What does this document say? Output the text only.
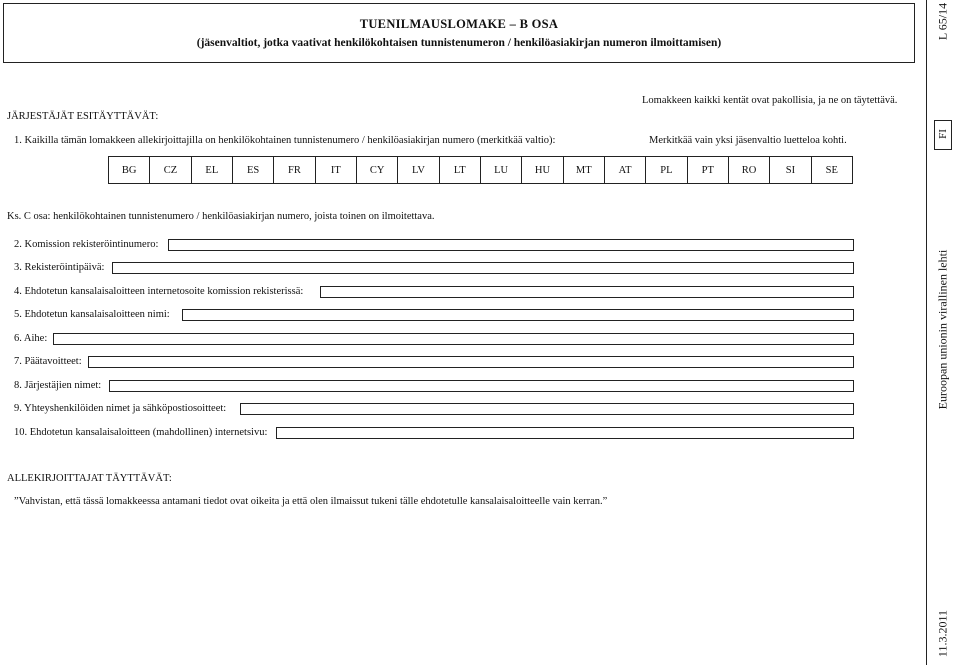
TUENILMAUSLOMAKE – B OSA
(jäsenvaltiot, jotka vaativat henkilökohtaisen tunnistenumeron / henkilöasiakirjan numeron ilmoittamisen)
L 65/14
FI
Euroopan unionin virallinen lehti
11.3.2011
Lomakkeen kaikki kentät ovat pakollisia, ja ne on täytettävä.
Merkitkää vain yksi jäsenvaltio luetteloa kohti.
JÄRJESTÄJÄT ESITÄYTTÄVÄT:
1. Kaikilla tämän lomakkeen allekirjoittajilla on henkilökohtainen tunnistenumero / henkilöasiakirjan numero (merkitkää valtio):
BG	CZ	EL	ES	FR	IT	CY	LV	LT	LU	HU	MT	AT	PL	PT	RO	SI	SE
Ks. C osa: henkilökohtainen tunnistenumero / henkilöasiakirjan numero, joista toinen on ilmoitettava.
2. Komission rekisteröintinumero:
3. Rekisteröintipäivä:
4. Ehdotetun kansalaisaloitteen internetosoite komission rekisterissä:
5. Ehdotetun kansalaisaloitteen nimi:
6. Aihe:
7. Päätavoitteet:
8. Järjestäjien nimet:
9. Yhteyshenkilöiden nimet ja sähköpostiosoitteet:
10. Ehdotetun kansalaisaloitteen (mahdollinen) internetsivu:
ALLEKIRJOITTAJAT TÄYTTÄVÄT:
”Vahvistan, että tässä lomakkeessa antamani tiedot ovat oikeita ja että olen ilmaissut tukeni tälle ehdotetulle kansalaisaloitteelle vain kerran.”
